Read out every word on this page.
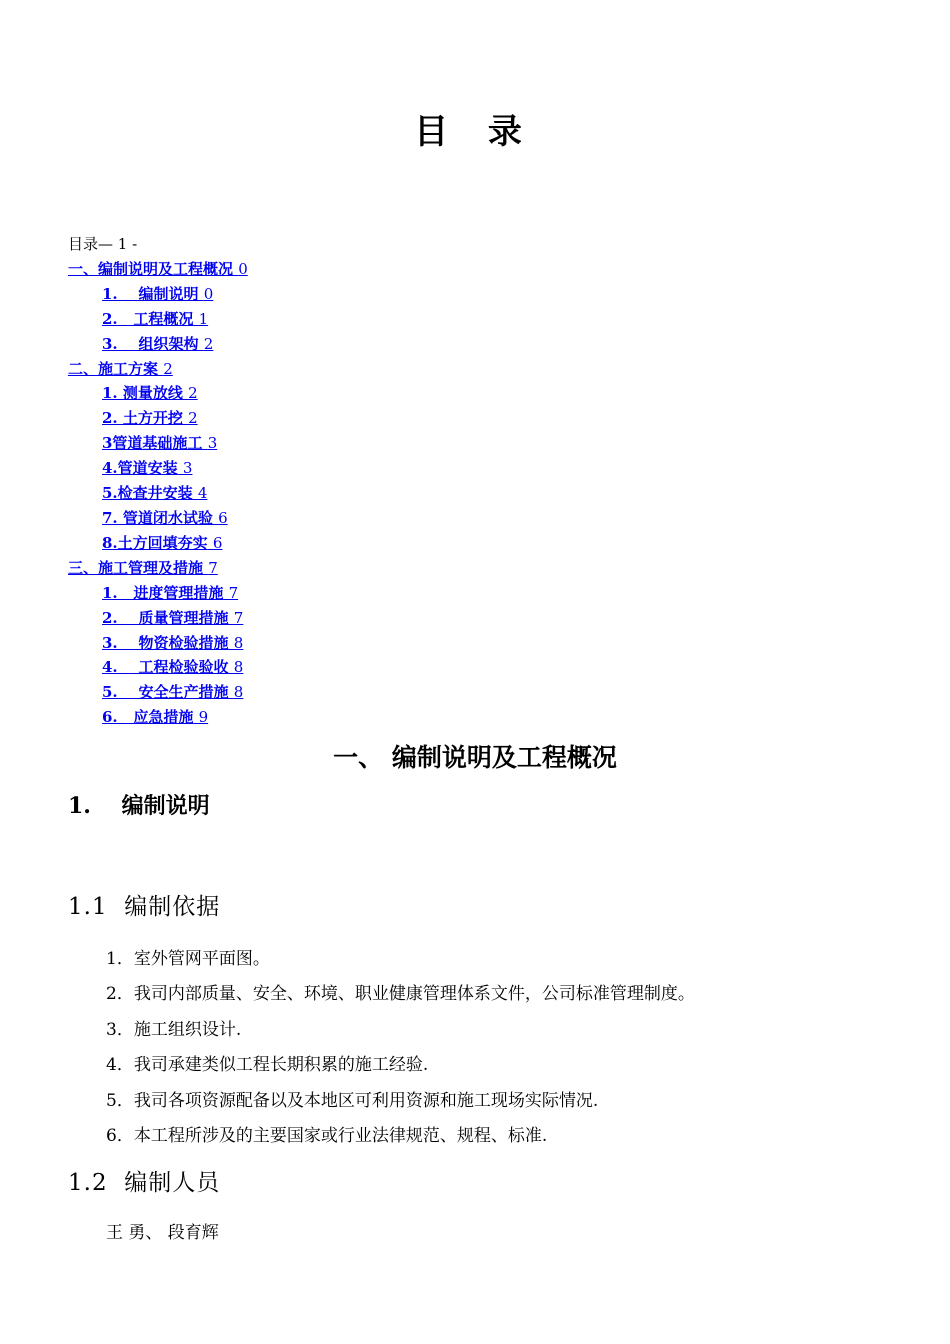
目 录
目录— 1 -
一、编制说明及工程概况 0
1.    编制说明 0
2.   工程概况 1
3.    组织架构 2
二、施工方案 2
1. 测量放线 2
2. 土方开挖 2
3管道基础施工 3
4.管道安装 3
5.检查井安装 4
7. 管道闭水试验 6
8.土方回填夯实 6
三、施工管理及措施 7
1.   进度管理措施 7
2.    质量管理措施 7
3.    物资检验措施 8
4.    工程检验验收 8
5.    安全生产措施 8
6.   应急措施 9
一、 编制说明及工程概况
1.    编制说明
1.1  编制依据
1．室外管网平面图。
2．我司内部质量、安全、环境、职业健康管理体系文件，公司标准管理制度。
3．施工组织设计.
4．我司承建类似工程长期积累的施工经验.
5．我司各项资源配备以及本地区可利用资源和施工现场实际情况.
6．本工程所涉及的主要国家或行业法律规范、规程、标准.
1.2  编制人员

王 勇、 段育辉
